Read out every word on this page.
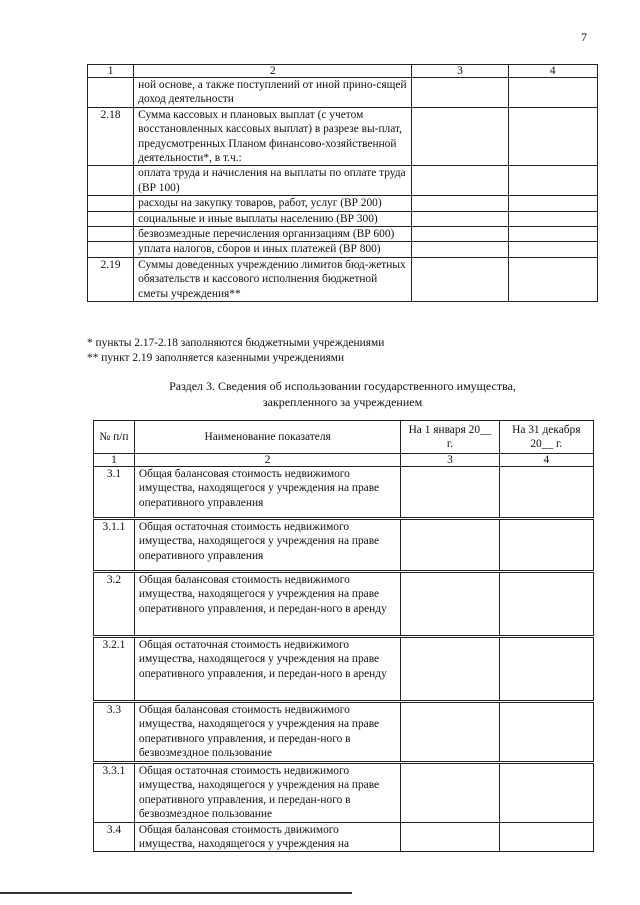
7
1	2	3	4
	ной основе, а также поступлений от иной прино-сящей доход деятельности		
2.18	Сумма кассовых и плановых выплат (с учетом восстановленных кассовых выплат) в разрезе вы-плат, предусмотренных Планом финансово-хозяйственной деятельности*, в т.ч.:		
	оплата труда и начисления на выплаты по оплате труда (ВР 100)		
	расходы на закупку товаров, работ, услуг (ВР 200)		
	социальные и иные выплаты населению (ВР 300)		
	безвозмездные перечисления организациям (ВР 600)		
	уплата налогов, сборов и иных платежей (ВР 800)		
2.19	Суммы доведенных учреждению лимитов бюд-жетных обязательств и кассового исполнения бюджетной сметы учреждения**		
* пункты 2.17-2.18 заполняются бюджетными учреждениями
** пункт 2.19 заполняется казенными учреждениями
Раздел 3. Сведения об использовании государственного имущества,
закрепленного за учреждением
№ п/п	Наименование показателя	На 1 января 20__ г.	На 31 декабря 20__ г.
1	2	3	4
3.1	Общая балансовая стоимость недвижимого имущества, находящегося у учреждения на праве оперативного управления		
3.1.1	Общая остаточная стоимость недвижимого имущества, находящегося у учреждения на праве оперативного управления		
3.2	Общая балансовая стоимость недвижимого имущества, находящегося у учреждения на праве оперативного управления, и передан-ного в аренду		
3.2.1	Общая остаточная стоимость недвижимого имущества, находящегося у учреждения на праве оперативного управления, и передан-ного в аренду		
3.3	Общая балансовая стоимость недвижимого имущества, находящегося у учреждения на праве оперативного управления, и передан-ного в безвозмездное пользование		
3.3.1	Общая остаточная стоимость недвижимого имущества, находящегося у учреждения на праве оперативного управления, и передан-ного в безвозмездное пользование		
3.4	Общая балансовая стоимость движимого имущества, находящегося у учреждения на		
